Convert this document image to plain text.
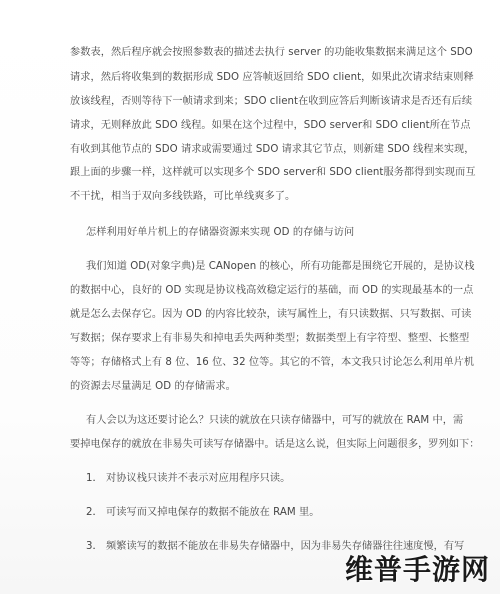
参数表，然后程序就会按照参数表的描述去执行 server 的功能收集数据来满足这个 SDO
请求，然后将收集到的数据形成 SDO 应答帧返回给 SDO client，如果此次请求结束则释
放该线程，否则等待下一帧请求到来；SDO client在收到应答后判断该请求是否还有后续
请求，无则释放此 SDO 线程。如果在这个过程中，SDO server和 SDO client所在节点
有收到其他节点的 SDO 请求或需要通过 SDO 请求其它节点，则新建 SDO 线程来实现，
跟上面的步骤一样，这样就可以实现多个 SDO server和 SDO client服务都得到实现而互
不干扰，相当于双向多线铁路，可比单线爽多了。
怎样利用好单片机上的存储器资源来实现 OD 的存储与访问
我们知道 OD(对象字典)是 CANopen 的核心，所有功能都是围绕它开展的，是协议栈
的数据中心，良好的 OD 实现是协议栈高效稳定运行的基础，而 OD 的实现最基本的一点
就是怎么去保存它。因为 OD 的内容比较杂，读写属性上，有只读数据、只写数据、可读
写数据；保存要求上有非易失和掉电丢失两种类型；数据类型上有字符型、整型、长整型
等等；存储格式上有 8 位、16 位、32 位等。其它的不管，本文我只讨论怎么利用单片机
的资源去尽量满足 OD 的存储需求。
有人会以为这还要讨论么？只读的就放在只读存储器中，可写的就放在 RAM 中，需
要掉电保存的就放在非易失可读写存储器中。话是这么说，但实际上问题很多，罗列如下：
1． 对协议栈只读并不表示对应用程序只读。
2． 可读写而又掉电保存的数据不能放在 RAM 里。
3． 频繁读写的数据不能放在非易失存储器中，因为非易失存储器往往速度慢，有写
维普手游网
